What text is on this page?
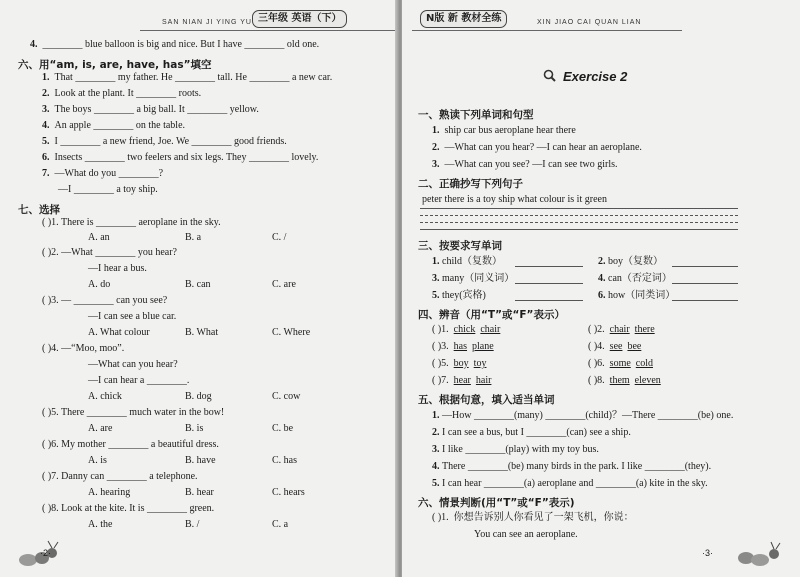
SAN NIAN JI YING YU 三年级 英语（下）
4. ________ blue balloon is big and nice. But I have ________ old one.
六、用“am, is, are, have, has”填空
1. That ________ my father. He ________ tall. He ________ a new car.
2. Look at the plant. It ________ roots.
3. The boys ________ a big ball. It ________ yellow.
4. An apple ________ on the table.
5. I ________ a new friend, Joe. We ________ good friends.
6. Insects ________ two feelers and six legs. They ________ lovely.
7. —What do you ________?
—I ________ a toy ship.
七、选择
( )1. There is ________ aeroplane in the sky.
A. an	B. a	C. /
( )2. —What ________ you hear?
—I hear a bus.
A. do	B. can	C. are
( )3. — ________ can you see?
—I can see a blue car.
A. What colour	B. What	C. Where
( )4. —“Moo, moo”.
—What can you hear?
—I can hear a ________.
A. chick	B. dog	C. cow
( )5. There ________ much water in the bow!
A. are	B. is	C. be
( )6. My mother ________ a beautiful dress.
A. is	B. have	C. has
( )7. Danny can ________ a telephone.
A. hearing	B. hear	C. hears
( )8. Look at the kite. It is ________ green.
A. the	B. /	C. a
·2·
N版 新 教材全练	XIN JIAO CAI QUAN LIAN
Exercise 2
一、熟读下列单词和句型
1. ship car bus aeroplane hear there
2. —What can you hear? —I can hear an aeroplane.
3. —What can you see? —I can see two girls.
二、正确抄写下列句子
peter there is a toy ship what colour is it green
三、按要求写单词
1. child（复数）	2. boy（复数）
3. many（同义词）	4. can（否定词）
5. they(宾格)	6. how（同类词）
四、辨音（用“T”或“F”表示）
( )1. chick chair	( )2. chair there
( )3. has plane	( )4. see bee
( )5. boy toy	( )6. some cold
( )7. hear hair	( )8. them eleven
五、根据句意，填入适当单词
1. —How ________(many) ________(child)？—There ________(be) one.
2. I can see a bus, but I ________(can) see a ship.
3. I like ________(play) with my toy bus.
4. There ________(be) many birds in the park. I like ________(they).
5. I can hear ________(a) aeroplane and ________(a) kite in the sky.
六、情景判断(用“T”或“F”表示)
( )1. 你想告诉别人你看见了一架飞机，你说：
You can see an aeroplane.
·3·
